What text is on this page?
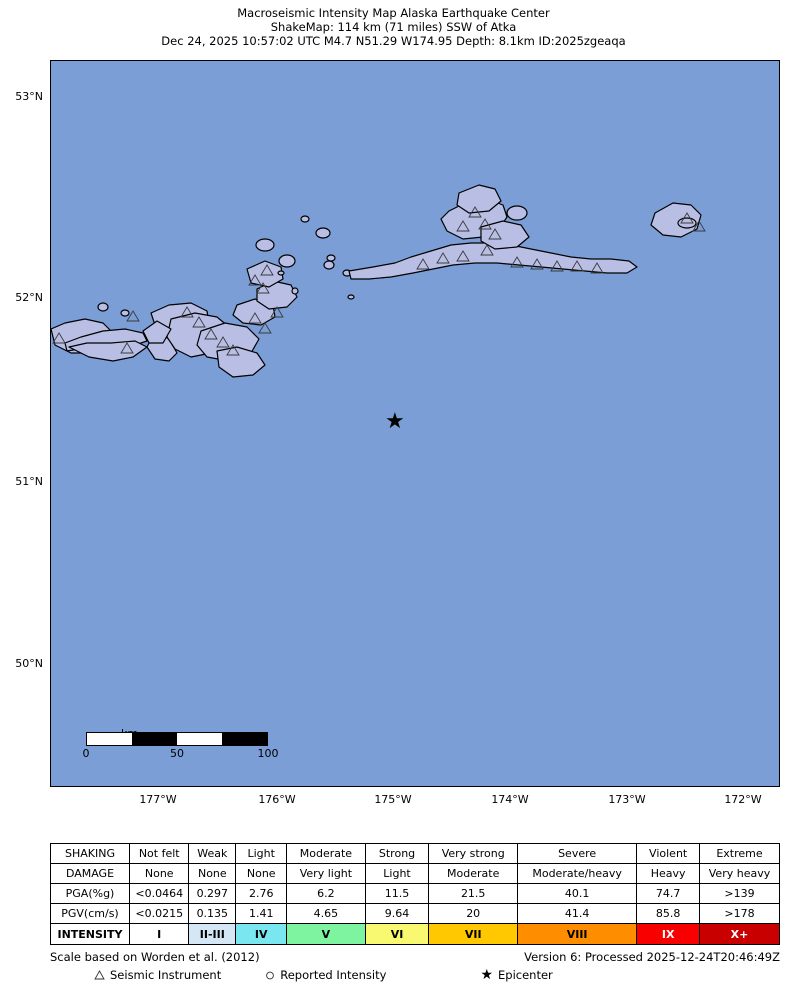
Macroseismic Intensity Map Alaska Earthquake Center
ShakeMap: 114 km (71 miles) SSW of Atka
Dec 24, 2025 10:57:02 UTC M4.7 N51.29 W174.95 Depth: 8.1km ID:2025zgeaqa
53°N
52°N
51°N
50°N
177°W	176°W	175°W	174°W	173°W	172°W
★
0	50	100
SHAKING	Not felt	Weak	Light	Moderate	Strong	Very strong	Severe	Violent	Extreme
DAMAGE	None	None	None	Very light	Light	Moderate	Moderate/heavy	Heavy	Very heavy
PGA(%g)	<0.0464	0.297	2.76	6.2	11.5	21.5	40.1	74.7	>139
PGV(cm/s)	<0.0215	0.135	1.41	4.65	9.64	20	41.4	85.8	>178
INTENSITY	I	II-III	IV	V	VI	VII	VIII	IX	X+
Version 6: Processed 2025-12-24T20:46:49Z
Scale based on Worden et al. (2012)
Seismic Instrument	Reported Intensity	★ Epicenter
